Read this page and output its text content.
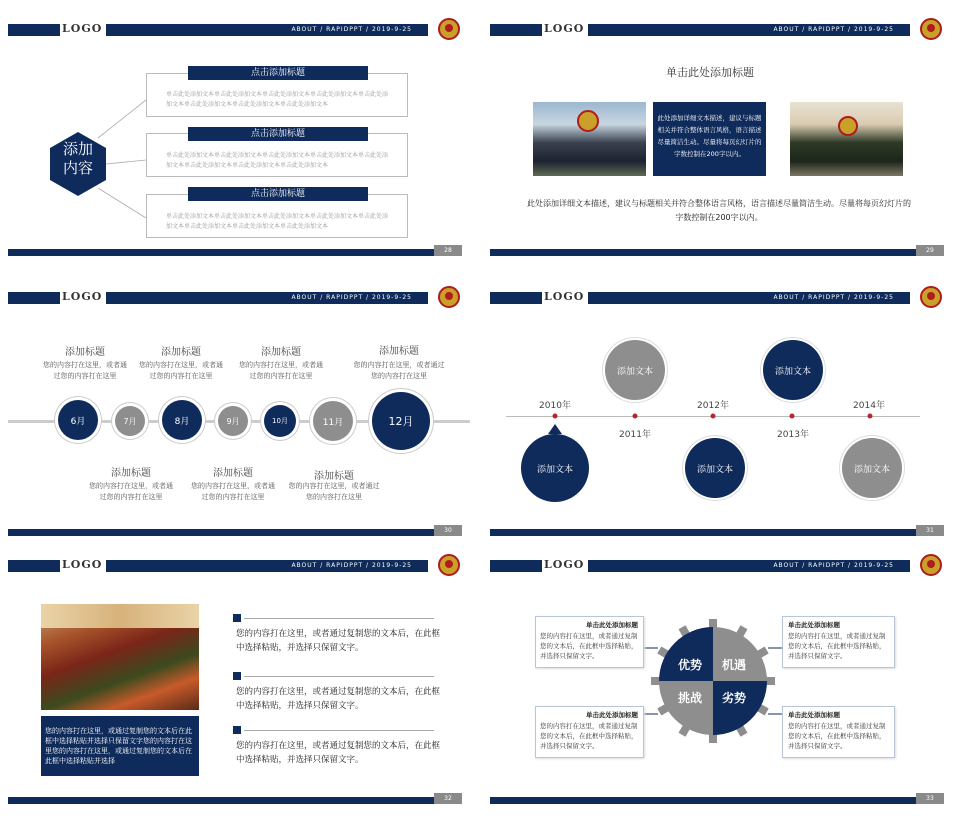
LOGO	ABOUT / RAPIDPPT / 2019-9-25
添加
内容
点击添加标题
单击此处添加文本单击此处添加文本单击此处添加文本单击此处添加文本单击此处添加文本单击此处添加文本单击此处添加文本单击此处添加文本
点击添加标题
单击此处添加文本单击此处添加文本单击此处添加文本单击此处添加文本单击此处添加文本单击此处添加文本单击此处添加文本单击此处添加文本
点击添加标题
单击此处添加文本单击此处添加文本单击此处添加文本单击此处添加文本单击此处添加文本单击此处添加文本单击此处添加文本单击此处添加文本
28
LOGO	ABOUT / RAPIDPPT / 2019-9-25
单击此处添加标题
此处添加详细文本描述，建议与标题相关并符合整体语言风格，语言描述尽量简洁生动。尽量将每页幻灯片的字数控制在200字以内。
此处添加详细文本描述，建议与标题相关并符合整体语言风格，语言描述尽量简洁生动。尽量将每页幻灯片的字数控制在200字以内。
29
LOGO	ABOUT / RAPIDPPT / 2019-9-25
6月	7月	8月	9月	10月	11月	12月
添加标题
您的内容打在这里，或者通过您的内容打在这里
添加标题
您的内容打在这里，或者通过您的内容打在这里
添加标题
您的内容打在这里，或者通过您的内容打在这里
添加标题
您的内容打在这里，或者通过您的内容打在这里
添加标题
您的内容打在这里，或者通过您的内容打在这里
添加标题
您的内容打在这里，或者通过您的内容打在这里
添加标题
您的内容打在这里，或者通过您的内容打在这里
30
LOGO	ABOUT / RAPIDPPT / 2019-9-25
2010年	2012年	2014年
2011年	2013年
添加文本
添加文本
添加文本
添加文本
添加文本
31
LOGO	ABOUT / RAPIDPPT / 2019-9-25
您的内容打在这里，或通过复制您的文本后在此框中选择粘贴并选择只保留文字您的内容打在这里您的内容打在这里，或通过复制您的文本后在此框中选择粘贴并选择
您的内容打在这里，或者通过复制您的文本后，在此框中选择粘贴，并选择只保留文字。
您的内容打在这里，或者通过复制您的文本后，在此框中选择粘贴，并选择只保留文字。
您的内容打在这里，或者通过复制您的文本后，在此框中选择粘贴，并选择只保留文字。
32
LOGO	ABOUT / RAPIDPPT / 2019-9-25
优势	机遇
挑战	劣势
单击此处添加标题
您的内容打在这里，或者通过复制您的文本后，在此框中选择粘贴，并选择只保留文字。
单击此处添加标题
您的内容打在这里，或者通过复制您的文本后，在此框中选择粘贴，并选择只保留文字。
单击此处添加标题
您的内容打在这里，或者通过复制您的文本后，在此框中选择粘贴，并选择只保留文字。
单击此处添加标题
您的内容打在这里，或者通过复制您的文本后，在此框中选择粘贴，并选择只保留文字。
33
